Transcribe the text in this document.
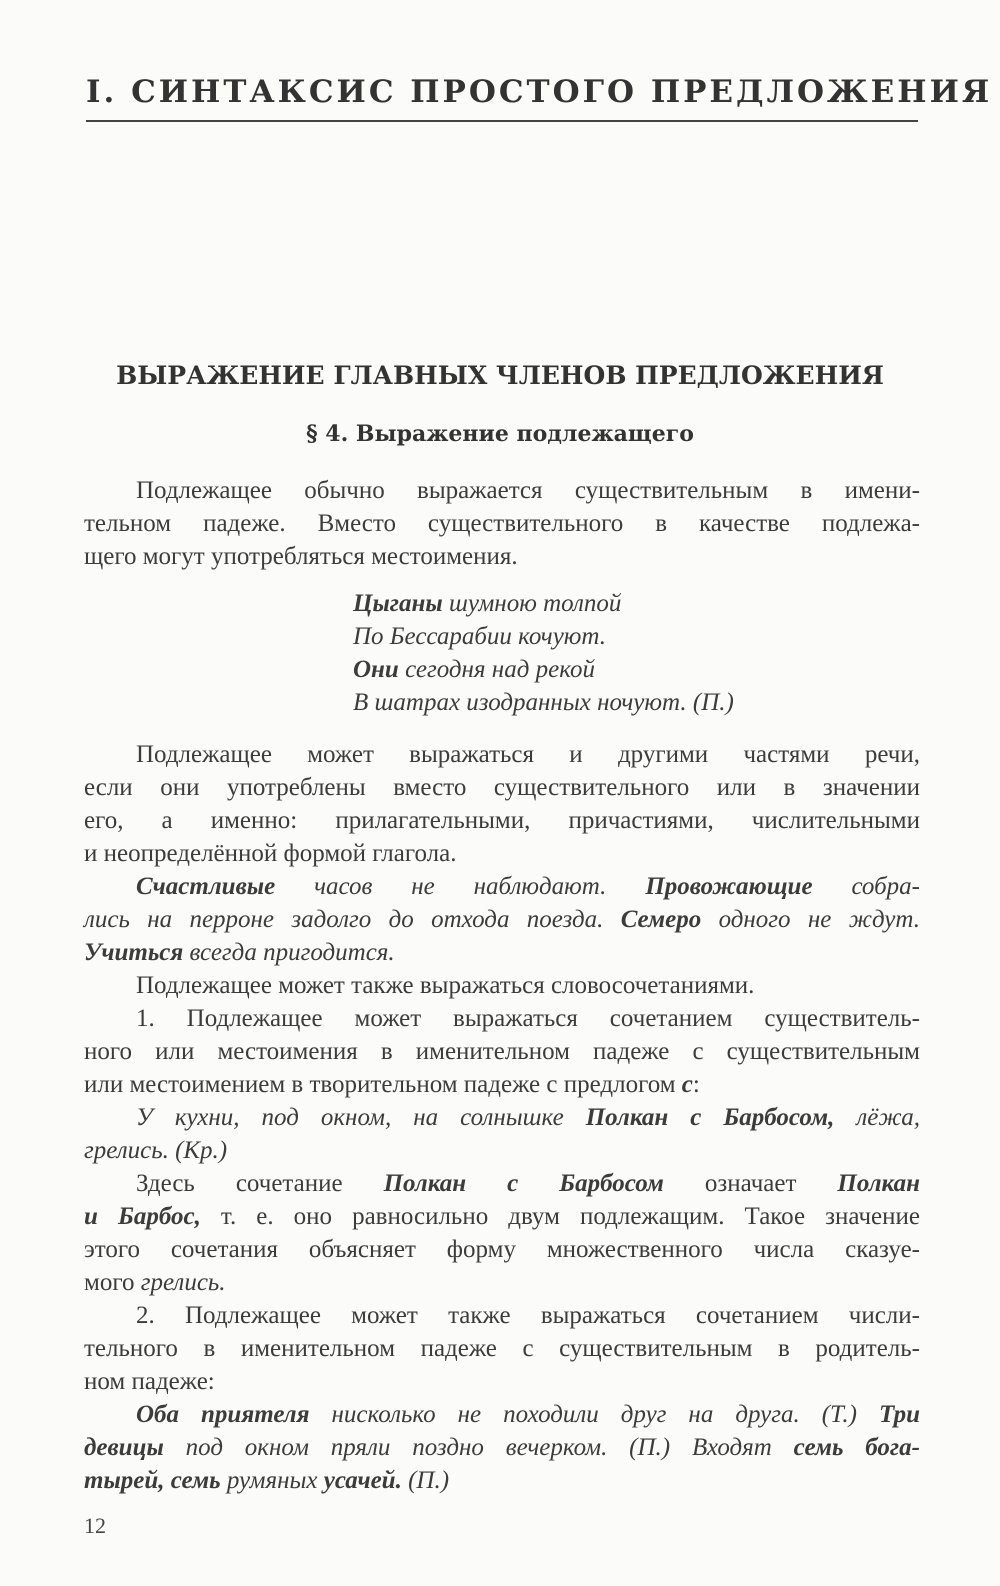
I. СИНТАКСИС ПРОСТОГО ПРЕДЛОЖЕНИЯ
ВЫРАЖЕНИЕ ГЛАВНЫХ ЧЛЕНОВ ПРЕДЛОЖЕНИЯ
§ 4. Выражение подлежащего
Подлежащее обычно выражается существительным в имени-
тельном падеже. Вместо существительного в качестве подлежа-
щего могут употребляться местоимения.
Цыганы шумною толпой
По Бессарабии кочуют.
Они сегодня над рекой
В шатрах изодранных ночуют. (П.)
Подлежащее может выражаться и другими частями речи,
если они употреблены вместо существительного или в значении
его, а именно: прилагательными, причастиями, числительными
и неопределённой формой глагола.
Счастливые часов не наблюдают. Провожающие собра-
лись на перроне задолго до отхода поезда. Семеро одного не ждут.
Учиться всегда пригодится.
Подлежащее может также выражаться словосочетаниями.
1. Подлежащее может выражаться сочетанием существитель-
ного или местоимения в именительном падеже с существительным
или местоимением в творительном падеже с предлогом с:
У кухни, под окном, на солнышке Полкан с Барбосом, лёжа,
грелись. (Кр.)
Здесь сочетание Полкан с Барбосом означает Полкан
и Барбос, т. е. оно равносильно двум подлежащим. Такое значение
этого сочетания объясняет форму множественного числа сказуе-
мого грелись.
2. Подлежащее может также выражаться сочетанием числи-
тельного в именительном падеже с существительным в родитель-
ном падеже:
Оба приятеля нисколько не походили друг на друга. (Т.) Три
девицы под окном пряли поздно вечерком. (П.) Входят семь бога-
тырей, семь румяных усачей. (П.)
12
